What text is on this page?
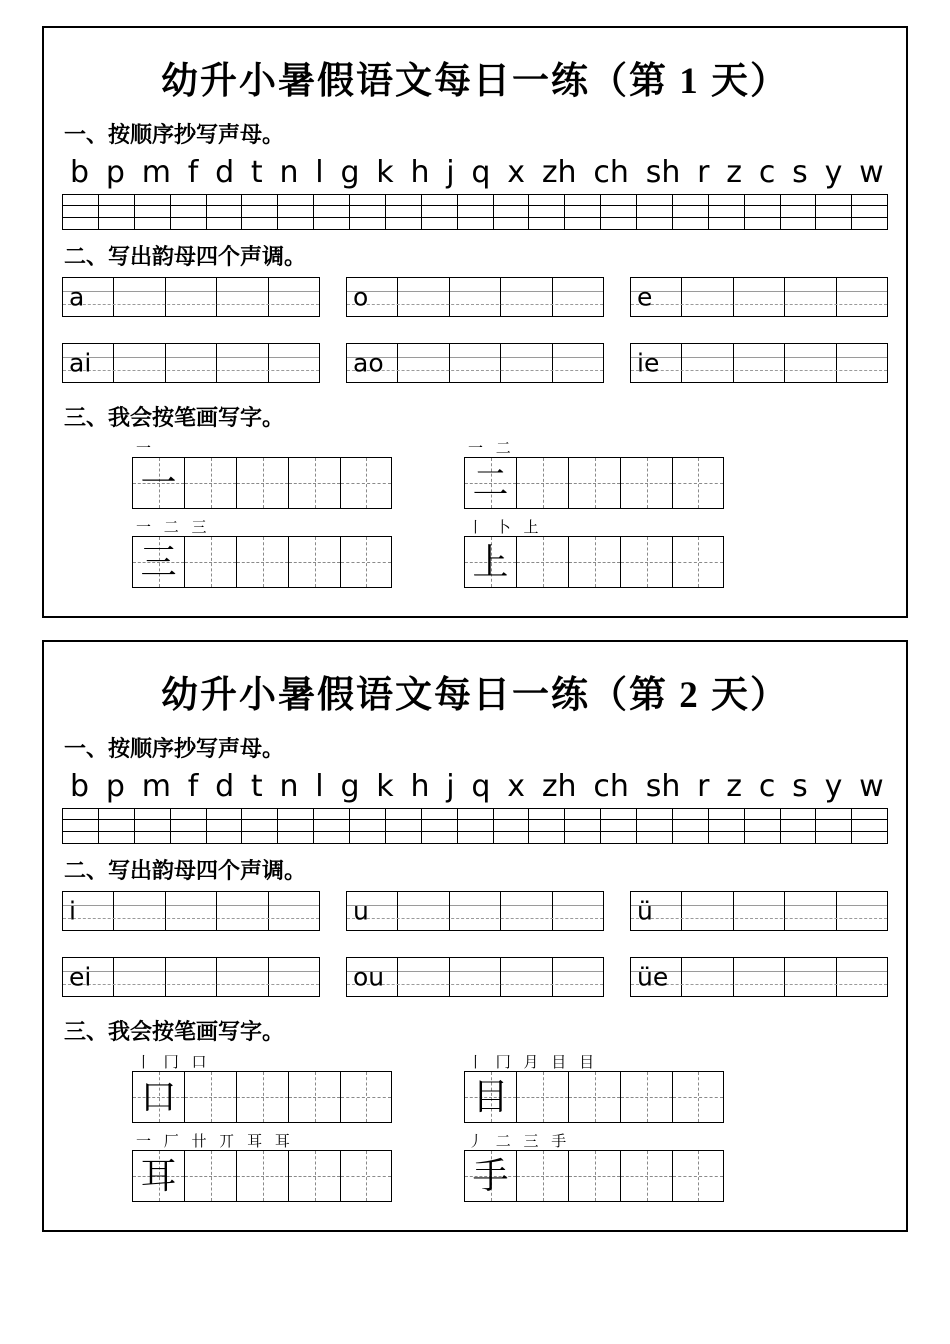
幼升小暑假语文每日一练（第 1 天）
一、按顺序抄写声母。
b p m f d t n l g k h j q x zh ch sh r z c s y w
二、写出韵母四个声调。
a	o	e
ai	ao	ie
三、我会按笔画写字。
一
一
一 二
二
一 二 三
三
丨 卜 上
上
幼升小暑假语文每日一练（第 2 天）
一、按顺序抄写声母。
b p m f d t n l g k h j q x zh ch sh r z c s y w
二、写出韵母四个声调。
i	u	ü
ei	ou	üe
三、我会按笔画写字。
丨 冂 口
口
丨 冂 月 目 目
目
一 厂 卄 丌 耳 耳
耳
丿 二 三 手
手
